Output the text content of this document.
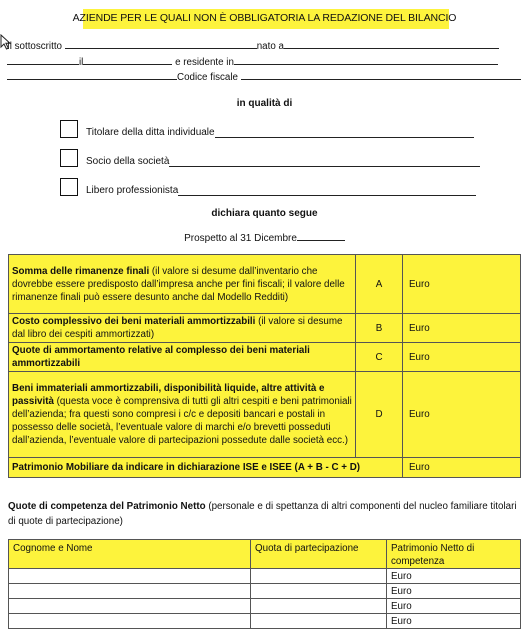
AZIENDE PER LE QUALI NON È OBBLIGATORIA LA REDAZIONE DEL BILANCIO
Il sottoscritto	nato a
il	e residente in
Codice fiscale
in qualità di
Titolare della ditta individuale
Socio della società
Libero professionista
dichiara quanto segue
Prospetto al 31 Dicembre
Somma delle rimanenze finali (il valore si desume dall’inventario che dovrebbe essere predisposto dall’impresa anche per fini fiscali; il valore delle rimanenze finali può essere desunto anche dal Modello Redditi)	A	Euro
Costo complessivo dei beni materiali ammortizzabili (il valore si desume dal libro dei cespiti ammortizzati)	B	Euro
Quote di ammortamento relative al complesso dei beni materiali ammortizzabili	C	Euro
Beni immateriali ammortizzabili, disponibilità liquide, altre attività e passività (questa voce è comprensiva di tutti gli altri cespiti e beni patrimoniali dell’azienda; fra questi sono compresi i c/c e depositi bancari e postali in possesso delle società, l’eventuale valore di marchi e/o brevetti posseduti dall’azienda, l’eventuale valore di partecipazioni possedute dalle società ecc.)	D	Euro
Patrimonio Mobiliare da indicare in dichiarazione ISE e ISEE (A + B - C + D)		Euro
Quote di competenza del Patrimonio Netto (personale e di spettanza di altri componenti del nucleo familiare titolari di quote di partecipazione)
Cognome e Nome	Quota di partecipazione	Patrimonio Netto di competenza
		Euro
		Euro
		Euro
		Euro
